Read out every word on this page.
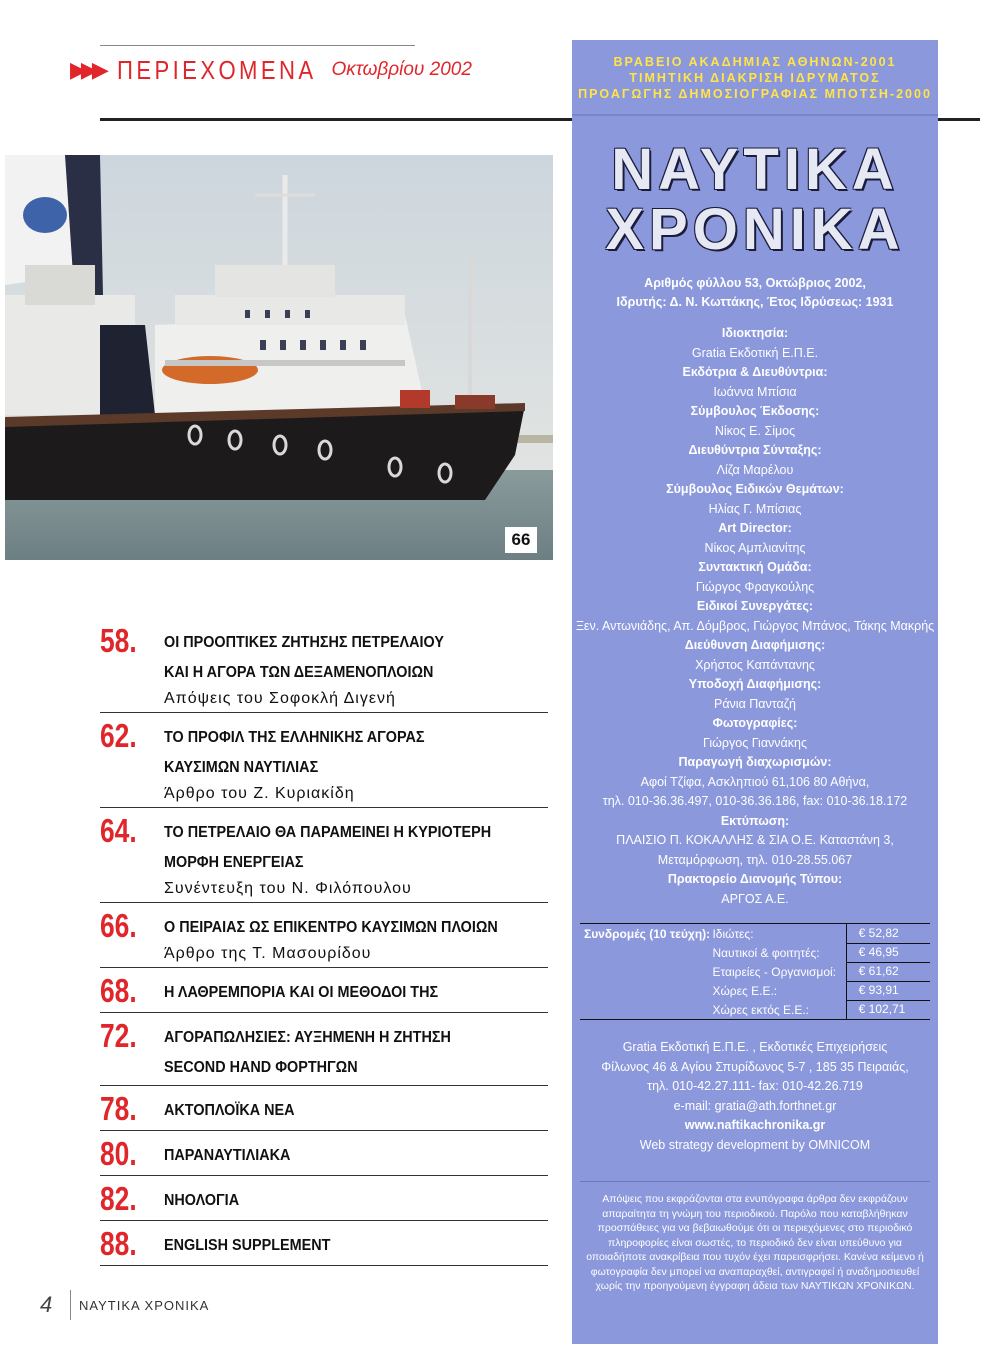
▶▶▶ ΠΕΡΙΕΧΟΜΕΝΑ Οκτωβρίου 2002
66
58.	ΟΙ ΠΡΟΟΠΤΙΚΕΣ ΖΗΤΗΣΗΣ ΠΕΤΡΕΛΑΙΟΥ
ΚΑΙ Η ΑΓΟΡΑ ΤΩΝ ΔΕΞΑΜΕΝΟΠΛΟΙΩΝ
Απόψεις του Σοφοκλή Διγενή
62.	ΤΟ ΠΡΟΦΙΛ ΤΗΣ ΕΛΛΗΝΙΚΗΣ ΑΓΟΡΑΣ
ΚΑΥΣΙΜΩΝ ΝΑΥΤΙΛΙΑΣ
Άρθρο του Ζ. Κυριακίδη
64.	ΤΟ ΠΕΤΡΕΛΑΙΟ ΘΑ ΠΑΡΑΜΕΙΝΕΙ Η ΚΥΡΙΟΤΕΡΗ
ΜΟΡΦΗ ΕΝΕΡΓΕΙΑΣ
Συνέντευξη του Ν. Φιλόπουλου
66.	Ο ΠΕΙΡΑΙΑΣ ΩΣ ΕΠΙΚΕΝΤΡΟ ΚΑΥΣΙΜΩΝ ΠΛΟΙΩΝ
Άρθρο της Τ. Μασουρίδου
68.	Η ΛΑΘΡΕΜΠΟΡΙΑ ΚΑΙ ΟΙ ΜΕΘΟΔΟΙ ΤΗΣ
72.	ΑΓΟΡΑΠΩΛΗΣΙΕΣ: ΑΥΞΗΜΕΝΗ Η ΖΗΤΗΣΗ
SECOND HAND ΦΟΡΤΗΓΩΝ
78.	ΑΚΤΟΠΛΟΪΚΑ ΝΕΑ
80.	ΠΑΡΑΝΑΥΤΙΛΙΑΚΑ
82.	ΝΗΟΛΟΓΙΑ
88.	ENGLISH SUPPLEMENT
4	ΝΑΥΤΙΚΑ ΧΡΟΝΙΚΑ
ΒΡΑΒΕΙΟ ΑΚΑΔΗΜΙΑΣ ΑΘΗΝΩΝ-2001
ΤΙΜΗΤΙΚΗ ΔΙΑΚΡΙΣΗ ΙΔΡΥΜΑΤΟΣ
ΠΡΟΑΓΩΓΗΣ ΔΗΜΟΣΙΟΓΡΑΦΙΑΣ ΜΠΟΤΣΗ-2000
ΝΑΥΤΙΚΑ
ΧΡΟΝΙΚΑ
Αριθμός φύλλου 53, Οκτώβριος 2002,
Ιδρυτής: Δ. Ν. Κωττάκης, Έτος Ιδρύσεως: 1931
Ιδιοκτησία:
Gratia Εκδοτική Ε.Π.Ε.
Εκδότρια & Διευθύντρια:
Ιωάννα Μπίσια
Σύμβουλος Έκδοσης:
Νίκος Ε. Σίμος
Διευθύντρια Σύνταξης:
Λίζα Μαρέλου
Σύμβουλος Ειδικών Θεμάτων:
Ηλίας Γ. Μπίσιας
Art Director:
Νίκος Αμπλιανίτης
Συντακτική Ομάδα:
Γιώργος Φραγκούλης
Ειδικοί Συνεργάτες:
Ξεν. Αντωνιάδης, Απ. Δόμβρος, Γιώργος Μπάνος, Τάκης Μακρής
Διεύθυνση Διαφήμισης:
Χρήστος Καπάντανης
Υποδοχή Διαφήμισης:
Ράνια Πανταζή
Φωτογραφίες:
Γιώργος Γιαννάκης
Παραγωγή διαχωρισμών:
Αφοί Τζίφα, Ασκληπιού 61,106 80 Αθήνα,
τηλ. 010-36.36.497, 010-36.36.186, fax: 010-36.18.172
Εκτύπωση:
ΠΛΑΙΣΙΟ Π. ΚΟΚΑΛΛΗΣ & ΣΙΑ Ο.Ε. Καταστάνη 3,
Μεταμόρφωση, τηλ. 010-28.55.067
Πρακτορείο Διανομής Τύπου:
ΑΡΓΟΣ Α.Ε.
Συνδρομές (10 τεύχη): Ιδιώτες:	€ 52,82
Ναυτικοί & φοιτητές:	€ 46,95
Εταιρείες - Οργανισμοί:	€ 61,62
Χώρες Ε.Ε.:	€ 93,91
Χώρες εκτός Ε.Ε.:	€ 102,71
Gratia Εκδοτική Ε.Π.Ε. , Εκδοτικές Επιχειρήσεις
Φίλωνος 46 & Αγίου Σπυρίδωνος 5-7 , 185 35 Πειραιάς,
τηλ. 010-42.27.111- fax: 010-42.26.719
e-mail: gratia@ath.forthnet.gr
www.naftikachronika.gr
Web strategy development by OMNICOM
Απόψεις που εκφράζονται στα ενυπόγραφα άρθρα δεν εκφράζουν απαραίτητα τη γνώμη του περιοδικού. Παρόλο που καταβλήθηκαν προσπάθειες για να βεβαιωθούμε ότι οι περιεχόμενες στο περιοδικό πληροφορίες είναι σωστές, το περιοδικό δεν είναι υπεύθυνο για οποιαδήποτε ανακρίβεια που τυχόν έχει παρεισφρήσει. Κανένα κείμενο ή φωτογραφία δεν μπορεί να αναπαραχθεί, αντιγραφεί ή αναδημοσιευθεί χωρίς την προηγούμενη έγγραφη άδεια των ΝΑΥΤΙΚΩΝ ΧΡΟΝΙΚΩΝ.
